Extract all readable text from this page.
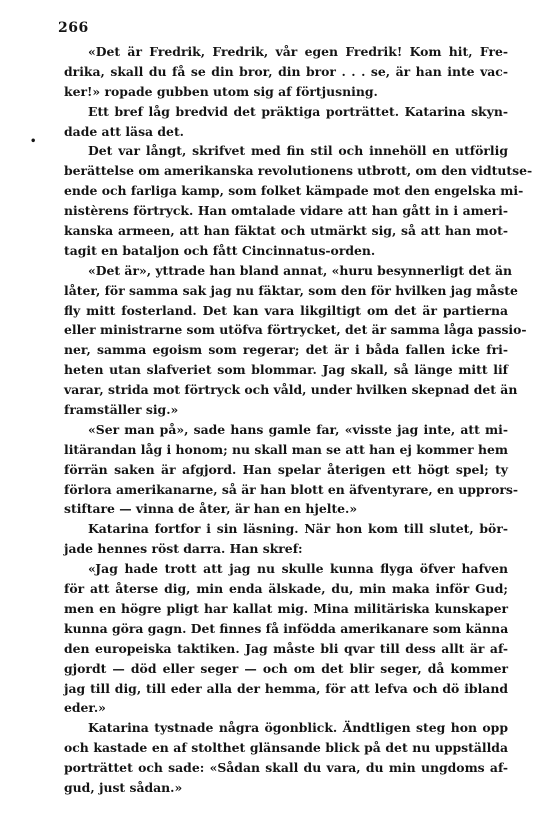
266
•
«Det är Fredrik, Fredrik, vår egen Fredrik! Kom hit, Fre-
drika, skall du få se din bror, din bror . . . se, är han inte vac-
ker!» ropade gubben utom sig af förtjusning.
Ett bref låg bredvid det präktiga porträttet. Katarina skyn-
dade att läsa det.
Det var långt, skrifvet med fin stil och innehöll en utförlig
berättelse om amerikanska revolutionens utbrott, om den vidtutse-
ende och farliga kamp, som folket kämpade mot den engelska mi-
nistèrens förtryck. Han omtalade vidare att han gått in i ameri-
kanska armeen, att han fäktat och utmärkt sig, så att han mot-
tagit en bataljon och fått Cincinnatus-orden.
«Det är», yttrade han bland annat, «huru besynnerligt det än
låter, för samma sak jag nu fäktar, som den för hvilken jag måste
fly mitt fosterland. Det kan vara likgiltigt om det är partierna
eller ministrarne som utöfva förtrycket, det är samma låga passio-
ner, samma egoism som regerar; det är i båda fallen icke fri-
heten utan slafveriet som blommar. Jag skall, så länge mitt lif
varar, strida mot förtryck och våld, under hvilken skepnad det än
framställer sig.»
«Ser man på», sade hans gamle far, «visste jag inte, att mi-
litärandan låg i honom; nu skall man se att han ej kommer hem
förrän saken är afgjord. Han spelar återigen ett högt spel; ty
förlora amerikanarne, så är han blott en äfventyrare, en upprors-
stiftare — vinna de åter, är han en hjelte.»
Katarina fortfor i sin läsning. När hon kom till slutet, bör-
jade hennes röst darra. Han skref:
«Jag hade trott att jag nu skulle kunna flyga öfver hafven
för att återse dig, min enda älskade, du, min maka inför Gud;
men en högre pligt har kallat mig. Mina militäriska kunskaper
kunna göra gagn. Det finnes få infödda amerikanare som känna
den europeiska taktiken. Jag måste bli qvar till dess allt är af-
gjordt — död eller seger — och om det blir seger, då kommer
jag till dig, till eder alla der hemma, för att lefva och dö ibland
eder.»
Katarina tystnade några ögonblick. Ändtligen steg hon opp
och kastade en af stolthet glänsande blick på det nu uppställda
porträttet och sade: «Sådan skall du vara, du min ungdoms af-
gud, just sådan.»
